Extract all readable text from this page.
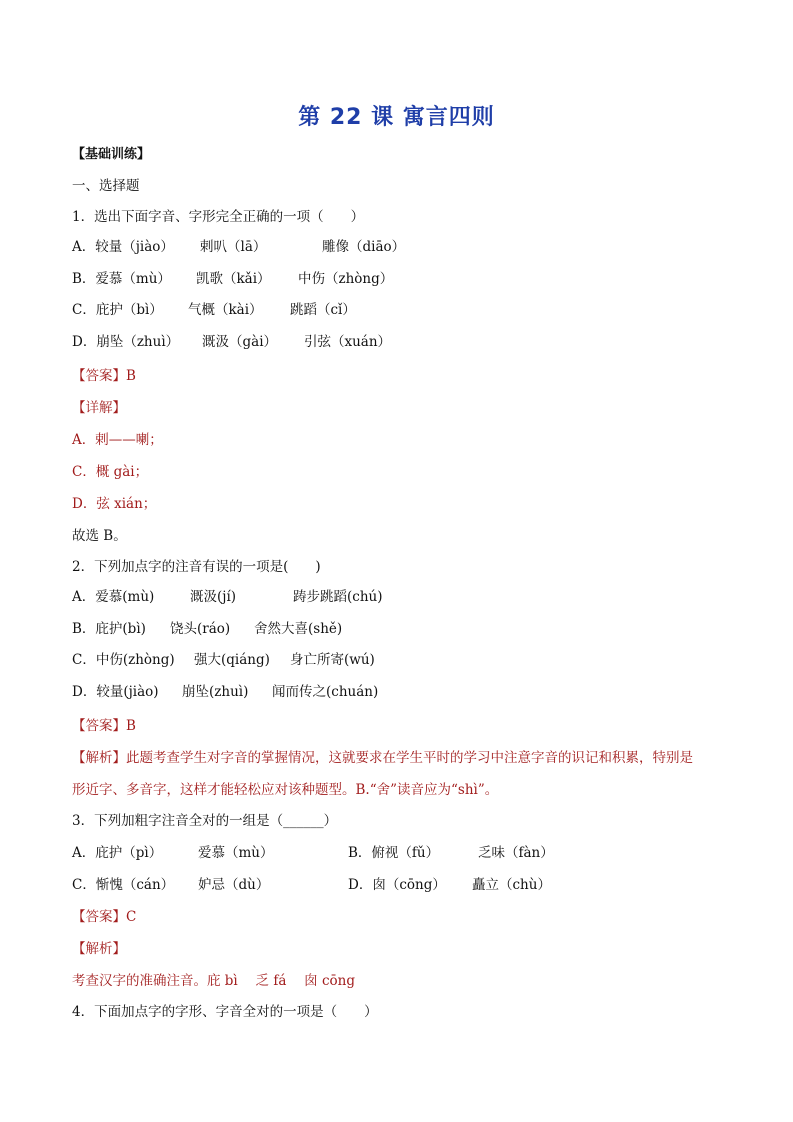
第 22 课 寓言四则
【基础训练】
一、选择题
1．选出下面字音、字形完全正确的一项（　　）
A．较量（jiào） 剌叭（lā）	雕像（diāo）
B．爱慕（mù） 凯歌（kǎi） 中伤（zhòng）
C．庇护（bì） 气概（kài） 跳蹈（cǐ）
D．崩坠（zhuì） 溉汲（gài） 引弦（xuán）
【答案】B
【详解】
A．剌——喇；
C．概 gài；
D．弦 xián；
故选 B。
2．下列加点字的注音有误的一项是(　　)
A．爱慕(mù)	溉汲(jí)	踌步跳蹈(chú)
B．庇护(bì) 饶头(ráo) 舍然大喜(shě)
C．中伤(zhòng) 强大(qiáng) 身亡所寄(wú)
D．较量(jiào) 崩坠(zhuì) 闻而传之(chuán)
【答案】B
【解析】此题考查学生对字音的掌握情况，这就要求在学生平时的学习中注意字音的识记和积累，特别是
形近字、多音字，这样才能轻松应对该种题型。B.“舍”读音应为“shì”。
3．下列加粗字注音全对的一组是（______）
A．庇护（pì）	爱慕（mù）	B．俯视（fǔ）	乏味（fàn）
C．惭愧（cán） 妒忌（dù）	D．囱（cōng） 矗立（chù）
【答案】C
【解析】
考查汉字的准确注音。庇 bì　 乏 fá　 囱 cōng
4．下面加点字的字形、字音全对的一项是（　　）
